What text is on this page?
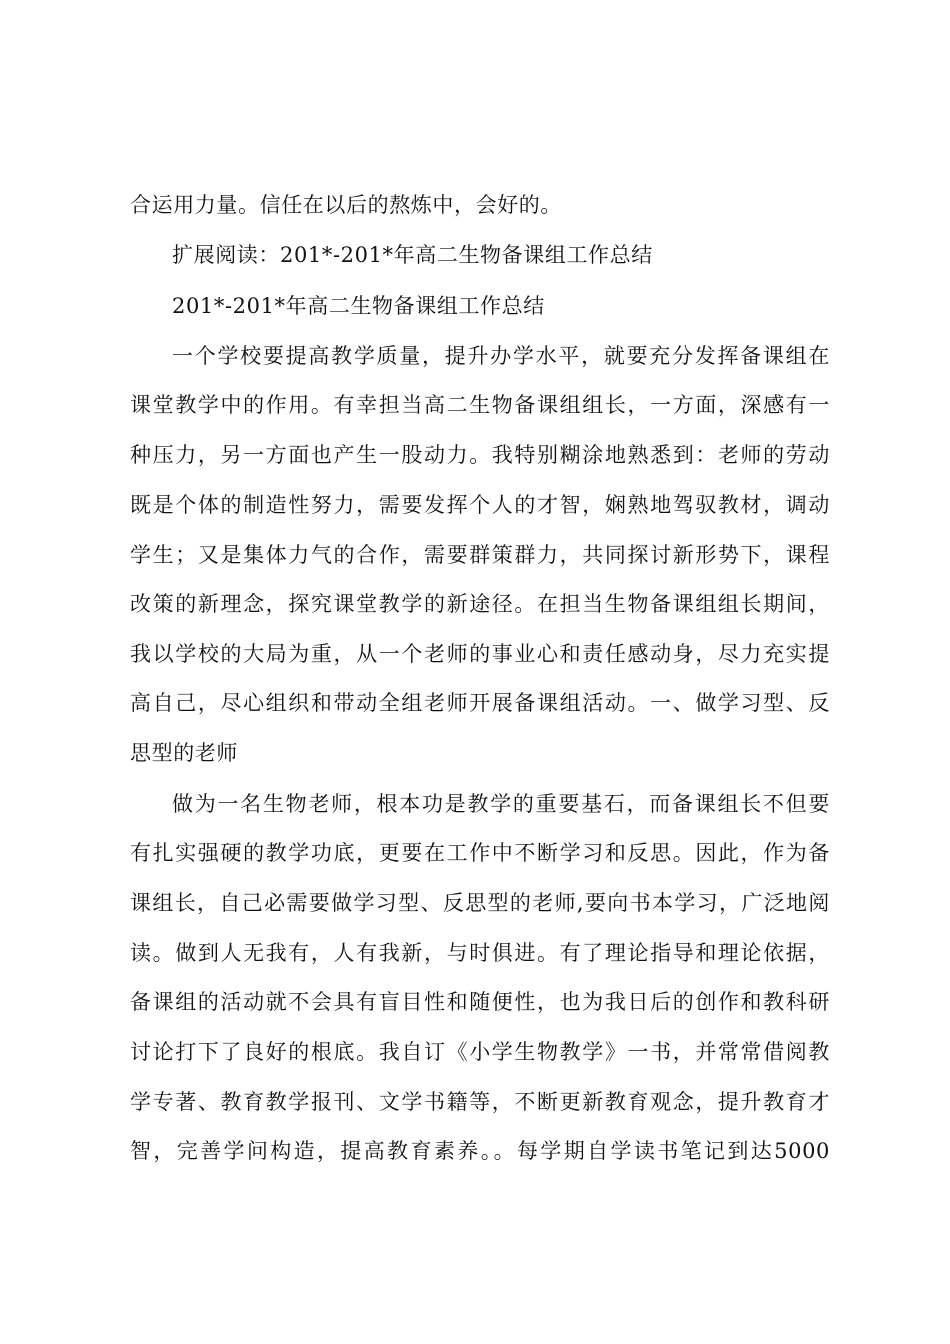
合运用力量。信任在以后的熬炼中，会好的。

扩展阅读：201*-201*年高二生物备课组工作总结

201*-201*年高二生物备课组工作总结

一个学校要提高教学质量，提升办学水平，就要充分发挥备课组在

课堂教学中的作用。有幸担当高二生物备课组组长，一方面，深感有一

种压力，另一方面也产生一股动力。我特别糊涂地熟悉到：老师的劳动

既是个体的制造性努力，需要发挥个人的才智，娴熟地驾驭教材，调动

学生；又是集体力气的合作，需要群策群力，共同探讨新形势下，课程

改策的新理念，探究课堂教学的新途径。在担当生物备课组组长期间，

我以学校的大局为重，从一个老师的事业心和责任感动身，尽力充实提

高自己，尽心组织和带动全组老师开展备课组活动。一、做学习型、反

思型的老师

做为一名生物老师，根本功是教学的重要基石，而备课组长不但要

有扎实强硬的教学功底，更要在工作中不断学习和反思。因此，作为备

课组长，自己必需要做学习型、反思型的老师,要向书本学习，广泛地阅

读。做到人无我有，人有我新，与时俱进。有了理论指导和理论依据，

备课组的活动就不会具有盲目性和随便性，也为我日后的创作和教科研

讨论打下了良好的根底。我自订《小学生物教学》一书，并常常借阅教

学专著、教育教学报刊、文学书籍等，不断更新教育观念，提升教育才

智，完善学问构造，提高教育素养。。每学期自学读书笔记到达5000
